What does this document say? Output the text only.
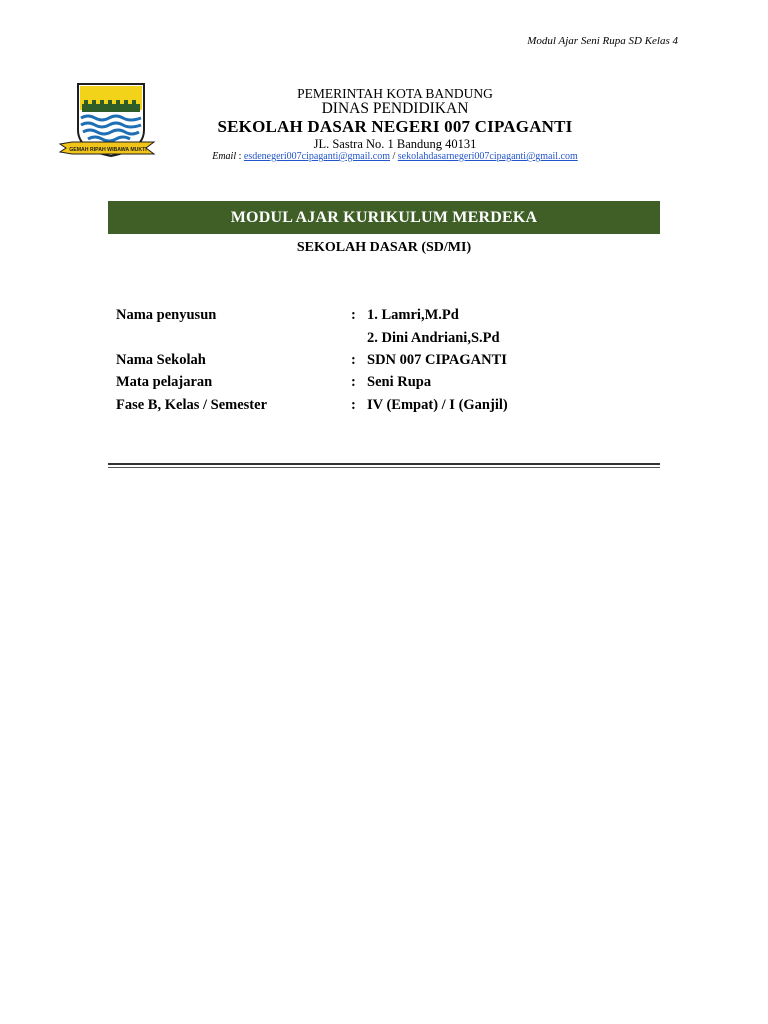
Modul Ajar Seni Rupa SD Kelas 4
GEMAH RIPAH WIBAWA MUKTI
PEMERINTAH KOTA BANDUNG
DINAS PENDIDIKAN
SEKOLAH DASAR NEGERI 007 CIPAGANTI
JL. Sastra No. 1 Bandung 40131
Email : esdenegeri007cipaganti@gmail.com / sekolahdasarnegeri007cipaganti@gmail.com
MODUL AJAR KURIKULUM MERDEKA
SEKOLAH DASAR (SD/MI)
Nama penyusun	: 1. Lamri,M.Pd
2. Dini Andriani,S.Pd
Nama Sekolah	: SDN 007 CIPAGANTI
Mata pelajaran	: Seni Rupa
Fase B, Kelas / Semester	: IV (Empat) / I (Ganjil)
